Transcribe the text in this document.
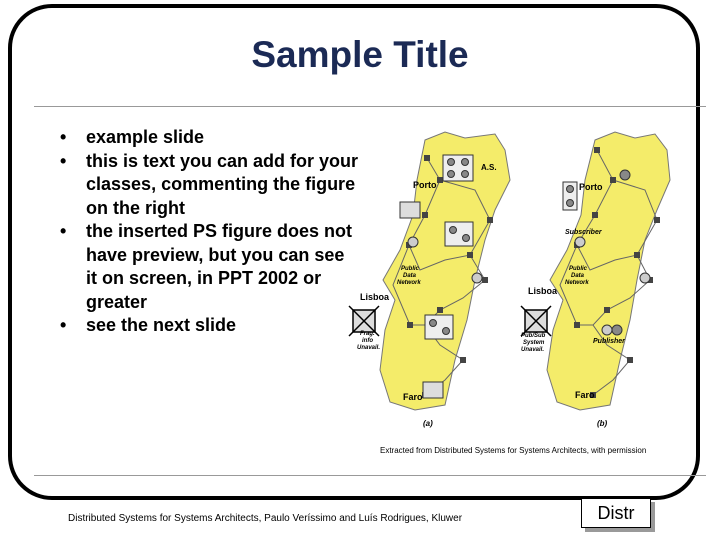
Sample Title
• example slide
• this is text you can add for your classes, commenting the figure on the right
• the inserted PS figure does not have preview, but you can see it on screen, in PPT 2002 or greater
• see the next slide
A.S.
Porto
Public Data Network
Lisboa
Frag. info Unavail.
Faro
(a)
Porto
Subscriber
Public Data Network
Lisboa
Pub/Sub System Unavail.
Publisher
Faro
(b)
Extracted from Distributed Systems for Systems Architects, with permission
Distributed Systems for Systems Architects, Paulo Veríssimo and Luís Rodrigues, Kluwer	Distr
